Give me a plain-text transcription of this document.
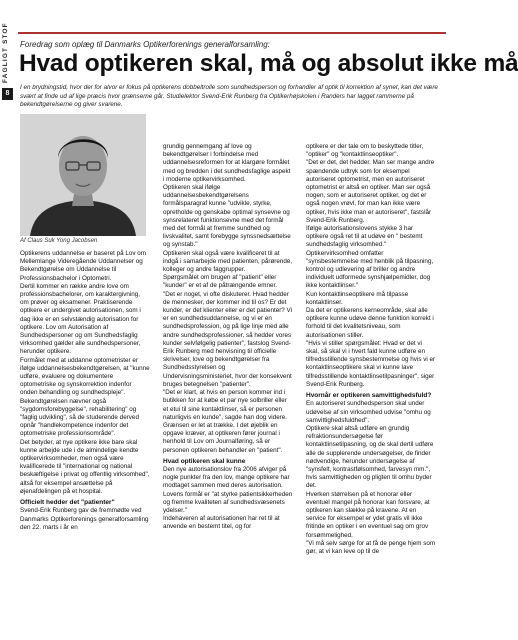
FAGLIGT STOF
8
Foredrag som oplæg til Danmarks Optikerforenings generalforsamling:
Hvad optikeren skal, må og absolut ikke må
I en brydningstid, hvor der for alvor er fokus på optikerens dobbeltrolle som sundhedsperson og forhandler af optik til korrektion af synet, kan det være svært at finde ud af lige præcis hvor grænserne går. Studielektor Svend-Erik Runberg fra Optikerhøjskolen i Randers har lagget rammerne på bekendtgørelserne og giver svarene.
Af Claus Suk Yong Jacobsen

Optikerens uddannelse er baseret på Lov om Mellemlange Videregående Uddannelser og Bekendtgørelse om Uddannelse til Professionsbachelor i Optometri.

Dertil kommer en række andre love om professionsbachelorer, om karaktergivning, om prøver og eksamener. Praktiserende optikere er undergivet autorisationen, som i dag ikke er en selvstændig autorisation for optikere. Lov om Autorisation af Sundhedspersoner og om Sundhedsfaglig virksomhed gælder alle sundhedspersoner, herunder optikere.

Formålet med at uddanne optometrister er ifølge uddannelsesbekendtgørelsen, at "kunne udføre, evaluere og dokumentere optometriske og synskorrektion indenfor onden behandling og sundhedspleje".

Bekendtgørelsen nævner også "sygdomsforebyggelse", rehabilitering" og "faglig udvikling", så de studerende derved opnår "handlekompetence indenfor det optometriske professionsområde".

Det betyder, at nye optikere ikke bare skal kunne arbejde ude i de almindelige kendte optikervirksomheder, men også være kvalificerede til "international og national beskæftigelse i privat og offentlig virksomhed", altså for eksempel ansættelse på øjenafdelingen på et hospital.

Officielt hedder det "patienter"

Svend-Erik Runberg gav de fremmødte ved Danmarks Optikerforenings generalforsamling den 22. marts i år en

grundig gennemgang af love og bekendtgørelser i forbindelse med uddannelsesreformen for at klargøre formålet med og bredden i det sundhedsfaglige aspekt i moderne optikervirksomhed.

Optikeren skal ifølge uddannelsesbekendtgørelsens formålsparagraf kunne "udvikle, styrke, opretholde og genskabe optimal synsevne og synsrelateret funktionsevne med det formål med det formål at fremme sundhed og livskvalitet, samt forebygge synssnedsættelse og synstab."

Optikeren skal også være kvalificeret til at indgå i samarbejde med patienten, pårørende, kolleger og andre faggrupper.

Spørgsmålet om brugen af "patient" eller "kunder" er et af de påtrængende emner.

"Det er noget, vi ofte diskuterer. Hvad hedder de mennesker, der kommer ind til os? Er det kunder, er det klienter eller er det patienter? Vi er en sundhedsuddannelse, og vi er en sundhedsprofession, og på lige linje med alle andre sundhedsprofessioner, så hedder vores kunder selvfølgelig patienter", fastslog Svend-Erik Runberg med henvisning til officielle skrivelser, love og bekendtgørelser fra Sundhedsstyrelsen og Undervisningsministeriet, hvor der konsekvent bruges betegnelsen "patienter".

"Det er klart, at hvis en person kommer ind i butikken for at købe et par nye solbriller eller et etui til sine kontaktlinser, så er personen naturligvis en kunde", sagde han dog videre. Grænsen er let at trække. I det øjeblik en opgave kræver, at optikeren fører journal i henhold til Lov om Journalføring, så er personen optikeren behandler en "patient".

Hvad optikeren skal kunne

Den nye autorisationslov fra 2006 afviger på nogle punkter fra den lov, mange optikere har modtaget sammen med deres autorisation. Lovens formål er "at styrke patientsikkerheden og fremme kvaliteten af sundhedsvæsenets ydelser."

Indehaveren af autorisationen har ret til at anvende en bestemt titel, og for

optikere er der tale om to beskyttede titler, "optiker" og "kontaktlinseoptiker".

"Det er det, det hedder. Man ser mange andre spændende udtryk som for eksempel autoriseret optometrist, men en autoriseret optometrist er altså en optiker. Man ser også nogen, som er autoriseret optiker, og det er også nogen vrøvl, for man kan ikke være optiker, hvis ikke man er autoriseret", fastslår Svend-Erik Runberg.

Ifølge autorisationslovens stykke 3 har optikere også ret til at udøve en " bestemt sundhedsfaglig virksomhed."

Optikervirksomhed omfatter "synsbestemmelse med henblik på tilpasning, kontrol og udlevering af briller og andre individuelt udformede synshjælpemidler, dog ikke kontaktlinser."

Kun kontaktlinseoptikere må tilpasse kontaktlinser.

Da det er optikerens kerneområde, skal alle optikere kunne udøve denne funktion korrekt i forhold til det kvalitetsniveau, som autorisationen stiller.

"Hvis vi stiller spørgsmålet: Hvad er det vi skal, så skal vi i hvert fald kunne udføre en tilfredsstillende synsbestemmelse og hvis vi er kontaktlinseoptikere skal vi kunne lave tilfredsstillende kontaktlinsetilpasninger", siger Svend-Erik Runberg.

Hvornår er optikeren samvittighedsfuld?

En autoriseret sundhedsperson skal under udøvelse af sin virksomhed udvise "omhu og samvittighedsfuldhed".

Optikere skal altså udføre en grundig refraktionsundersøgelse før kontaktlinsetilpasning, og de skal dertil udføre alle de supplerende undersøgelser, de finder nødvendige, herunder undersøgelse af "synsfelt, kontrastfølsomhed, farvesyn mm.", hvis samvittigheden og pligten til omhu byder det.

Hverken størrelsen på et honorar eller eventuel mangel på honorar kan forsvare, at optikeren kan slække på kravene. At en service for eksempel er ydet gratis vil ikke fritinde en optiker i en eventuel sag om grov forsømmelighed.

"Vi må selv sørge for at få de penge hjem som gør, at vi kan leve op til de
